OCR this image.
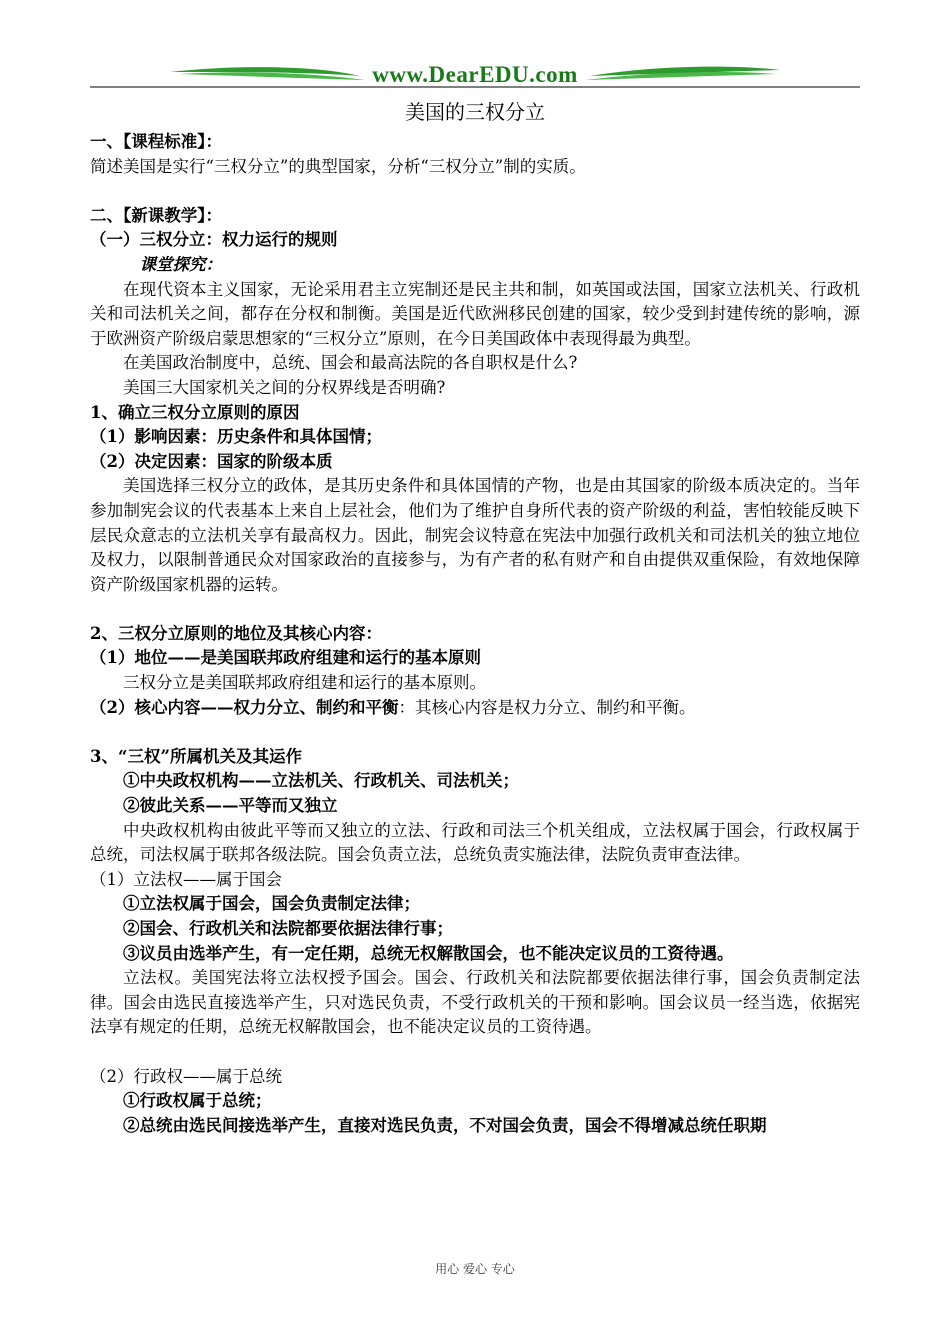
www.DearEDU.com
美国的三权分立

一、【课程标准】：

简述美国是实行“三权分立”的典型国家，分析“三权分立”制的实质。

二、【新课教学】：

（一）三权分立：权力运行的规则

课堂探究：

在现代资本主义国家，无论采用君主立宪制还是民主共和制，如英国或法国，国家立法机关、行政机关和司法机关之间，都存在分权和制衡。美国是近代欧洲移民创建的国家，较少受到封建传统的影响，源于欧洲资产阶级启蒙思想家的“三权分立”原则，在今日美国政体中表现得最为典型。

在美国政治制度中，总统、国会和最高法院的各自职权是什么?

美国三大国家机关之间的分权界线是否明确?

1、确立三权分立原则的原因

（1）影响因素：历史条件和具体国情；

（2）决定因素：国家的阶级本质

美国选择三权分立的政体，是其历史条件和具体国情的产物，也是由其国家的阶级本质决定的。当年参加制宪会议的代表基本上来自上层社会，他们为了维护自身所代表的资产阶级的利益，害怕较能反映下层民众意志的立法机关享有最高权力。因此，制宪会议特意在宪法中加强行政机关和司法机关的独立地位及权力，以限制普通民众对国家政治的直接参与，为有产者的私有财产和自由提供双重保险，有效地保障资产阶级国家机器的运转。

2、三权分立原则的地位及其核心内容：

（1）地位——是美国联邦政府组建和运行的基本原则

三权分立是美国联邦政府组建和运行的基本原则。

（2）核心内容——权力分立、制约和平衡：其核心内容是权力分立、制约和平衡。

3、“三权”所属机关及其运作

①中央政权机构——立法机关、行政机关、司法机关；

②彼此关系——平等而又独立

中央政权机构由彼此平等而又独立的立法、行政和司法三个机关组成，立法权属于国会，行政权属于总统，司法权属于联邦各级法院。国会负责立法，总统负责实施法律，法院负责审查法律。

（1）立法权——属于国会

①立法权属于国会，国会负责制定法律；

②国会、行政机关和法院都要依据法律行事；

③议员由选举产生，有一定任期，总统无权解散国会，也不能决定议员的工资待遇。

立法权。美国宪法将立法权授予国会。国会、行政机关和法院都要依据法律行事，国会负责制定法律。国会由选民直接选举产生，只对选民负责，不受行政机关的干预和影响。国会议员一经当选，依据宪法享有规定的任期，总统无权解散国会，也不能决定议员的工资待遇。

（2）行政权——属于总统

①行政权属于总统；

②总统由选民间接选举产生，直接对选民负责，不对国会负责，国会不得增减总统任职期

用心 爱心 专心
